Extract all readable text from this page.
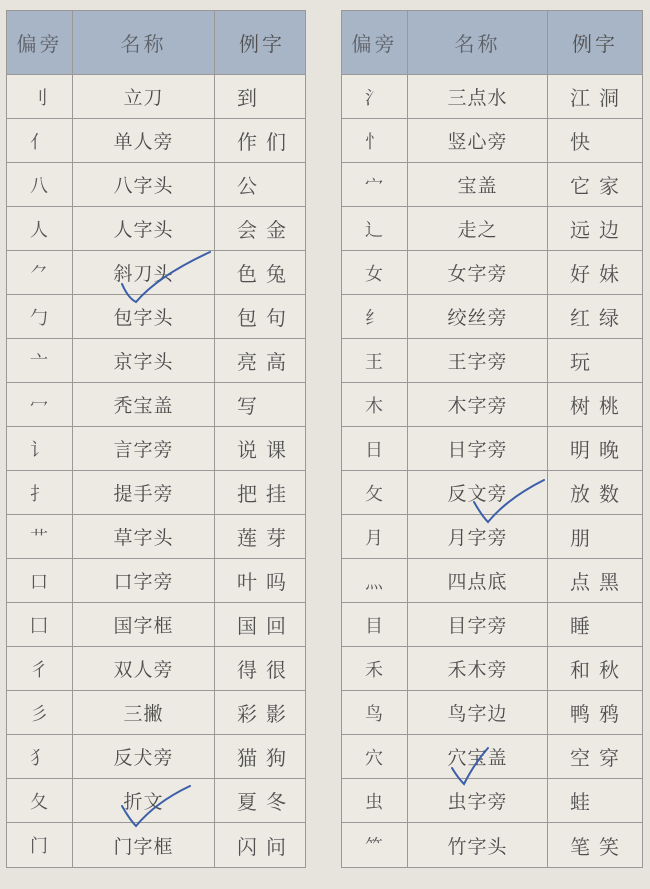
偏旁	名称	例字
刂	立刀	到
亻	单人旁	作们
八	八字头	公
人	人字头	会金
⺈	斜刀头	色兔
勹	包字头	包句
亠	京字头	亮高
冖	秃宝盖	写
讠	言字旁	说课
扌	提手旁	把挂
艹	草字头	莲芽
口	口字旁	叶吗
囗	国字框	国回
彳	双人旁	得很
彡	三撇	彩影
犭	反犬旁	猫狗
夂	折文	夏冬
门	门字框	闪问
偏旁	名称	例字
氵	三点水	江洞
忄	竖心旁	快
宀	宝盖	它家
辶	走之	远边
女	女字旁	好妹
纟	绞丝旁	红绿
王	王字旁	玩
木	木字旁	树桃
日	日字旁	明晚
攵	反文旁	放数
月	月字旁	朋
灬	四点底	点黑
目	目字旁	睡
禾	禾木旁	和秋
鸟	鸟字边	鸭鸦
穴	穴宝盖	空穿
虫	虫字旁	蛙
⺮	竹字头	笔笑
